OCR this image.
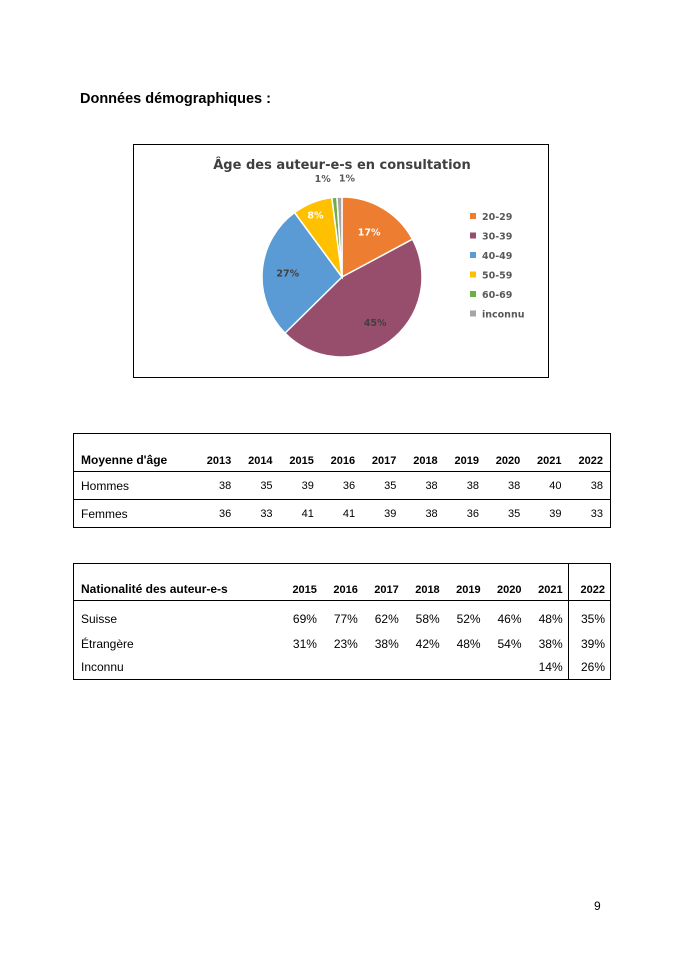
Données démographiques :
Âge des auteur-e-s en consultation
17%
45%
27%
8%
1% 1%
20-29
30-39
40-49
50-59
60-69
inconnu
Moyenne d'âge	2013	2014	2015	2016	2017	2018	2019	2020	2021	2022
Hommes	38	35	39	36	35	38	38	38	40	38
Femmes	36	33	41	41	39	38	36	35	39	33
Nationalité des auteur-e-s	2015	2016	2017	2018	2019	2020	2021	2022
Suisse	69%	77%	62%	58%	52%	46%	48%	35%
Étrangère	31%	23%	38%	42%	48%	54%	38%	39%
Inconnu							14%	26%
9
